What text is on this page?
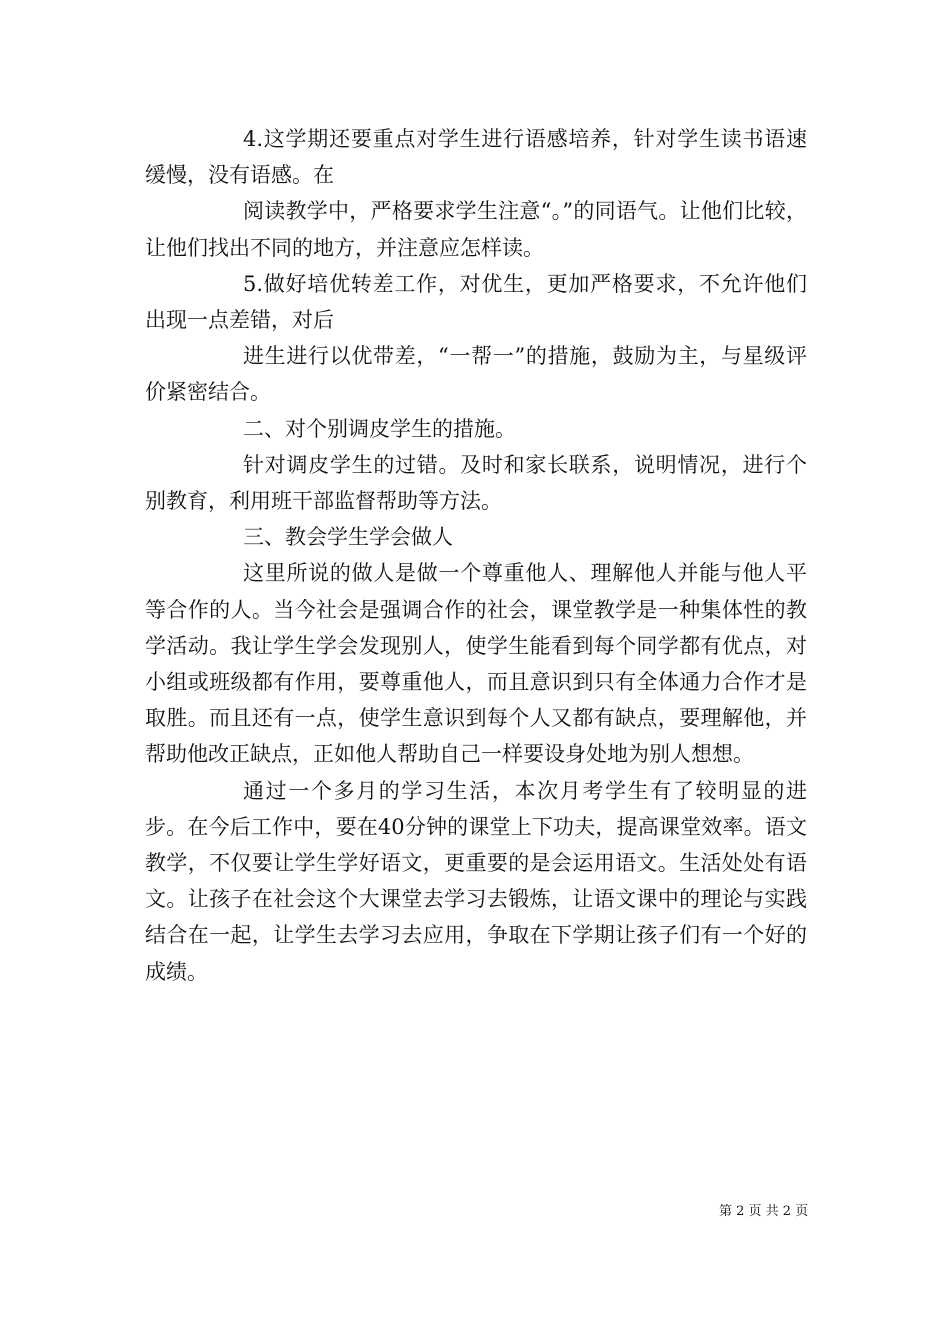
4.这学期还要重点对学生进行语感培养，针对学生读书语速缓慢，没有语感。在

阅读教学中，严格要求学生注意“。”的同语气。让他们比较，让他们找出不同的地方，并注意应怎样读。

5.做好培优转差工作，对优生，更加严格要求，不允许他们出现一点差错，对后

进生进行以优带差，“一帮一”的措施，鼓励为主，与星级评价紧密结合。

二、对个别调皮学生的措施。

针对调皮学生的过错。及时和家长联系，说明情况，进行个别教育，利用班干部监督帮助等方法。

三、教会学生学会做人

这里所说的做人是做一个尊重他人、理解他人并能与他人平等合作的人。当今社会是强调合作的社会，课堂教学是一种集体性的教学活动。我让学生学会发现别人，使学生能看到每个同学都有优点，对小组或班级都有作用，要尊重他人，而且意识到只有全体通力合作才是取胜。而且还有一点，使学生意识到每个人又都有缺点，要理解他，并帮助他改正缺点，正如他人帮助自己一样要设身处地为别人想想。

通过一个多月的学习生活，本次月考学生有了较明显的进步。在今后工作中，要在40分钟的课堂上下功夫，提高课堂效率。语文教学，不仅要让学生学好语文，更重要的是会运用语文。生活处处有语文。让孩子在社会这个大课堂去学习去锻炼，让语文课中的理论与实践结合在一起，让学生去学习去应用，争取在下学期让孩子们有一个好的成绩。

第 2 页 共 2 页
